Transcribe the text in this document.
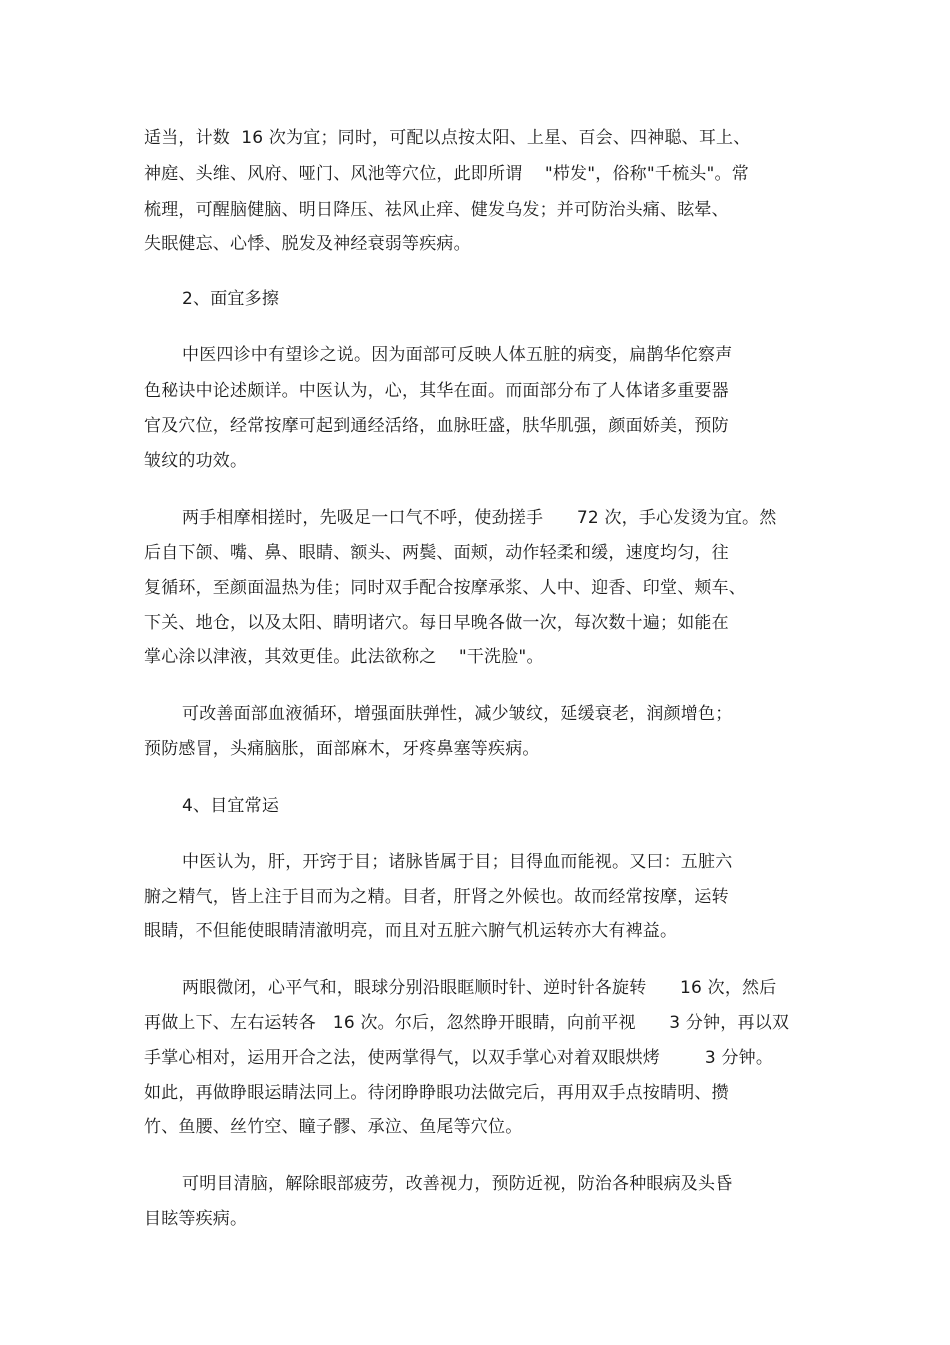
适当，计数  16 次为宜；同时，可配以点按太阳、上星、百会、四神聪、耳上、
神庭、头维、风府、哑门、风池等穴位，此即所谓    "栉发"，俗称"千梳头"。常
梳理，可醒脑健脑、明日降压、祛风止痒、健发乌发；并可防治头痛、眩晕、
失眠健忘、心悸、脱发及神经衰弱等疾病。
2、面宜多擦
中医四诊中有望诊之说。因为面部可反映人体五脏的病变，扁鹊华佗察声
色秘诀中论述颇详。中医认为，心，其华在面。而面部分布了人体诸多重要器
官及穴位，经常按摩可起到通经活络，血脉旺盛，肤华肌强，颜面娇美，预防
皱纹的功效。
两手相摩相搓时，先吸足一口气不呼，使劲搓手      72 次，手心发烫为宜。然
后自下颌、嘴、鼻、眼睛、额头、两鬓、面颊，动作轻柔和缓，速度均匀，往
复循环，至颜面温热为佳；同时双手配合按摩承浆、人中、迎香、印堂、颊车、
下关、地仓，以及太阳、睛明诸穴。每日早晚各做一次，每次数十遍；如能在
掌心涂以津液，其效更佳。此法欲称之    "干洗脸"。
可改善面部血液循环，增强面肤弹性，减少皱纹，延缓衰老，润颜增色；
预防感冒，头痛脑胀，面部麻木，牙疼鼻塞等疾病。
4、目宜常运
中医认为，肝，开窍于目；诸脉皆属于目；目得血而能视。又曰：五脏六
腑之精气，皆上注于目而为之精。目者，肝肾之外候也。故而经常按摩，运转
眼睛，不但能使眼睛清澈明亮，而且对五脏六腑气机运转亦大有裨益。
两眼微闭，心平气和，眼球分别沿眼眶顺时针、逆时针各旋转      16 次，然后
再做上下、左右运转各   16 次。尔后，忽然睁开眼睛，向前平视      3 分钟，再以双
手掌心相对，运用开合之法，使两掌得气，以双手掌心对着双眼烘烤        3 分钟。
如此，再做睁眼运睛法同上。待闭睁睁眼功法做完后，再用双手点按睛明、攒
竹、鱼腰、丝竹空、瞳子髎、承泣、鱼尾等穴位。
可明目清脑，解除眼部疲劳，改善视力，预防近视，防治各种眼病及头昏
目眩等疾病。
